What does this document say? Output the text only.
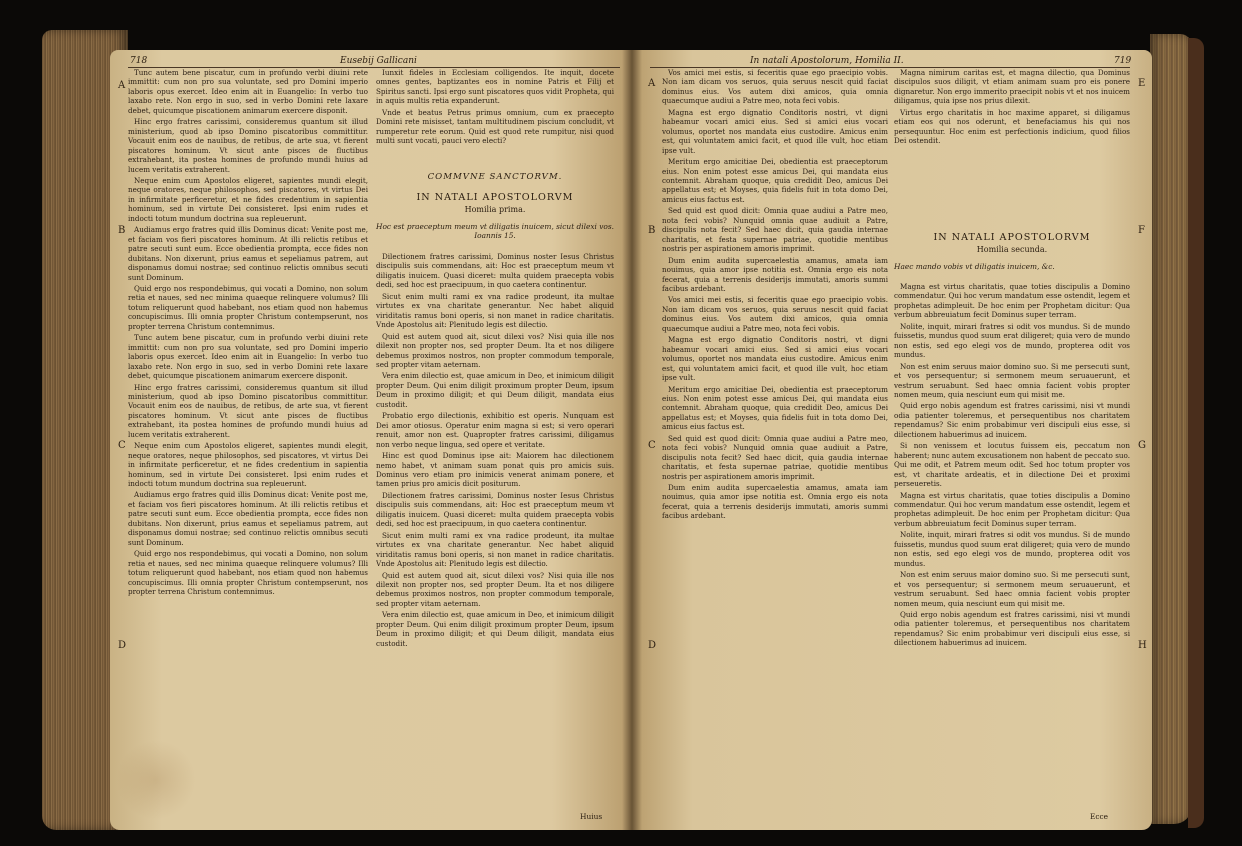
718	Eusebij Gallicani
A
B
C
D

Tunc autem bene piscatur, cum in profundo verbi diuini rete immittit: cum non pro sua voluntate, sed pro Domini imperio laboris opus exercet. Ideo enim ait in Euangelio: In verbo tuo laxabo rete. Non ergo in suo, sed in verbo Domini rete laxare debet, quicumque piscationem animarum exercere disponit.

Hinc ergo fratres carissimi, consideremus quantum sit illud ministerium, quod ab ipso Domino piscatoribus committitur. Vocauit enim eos de nauibus, de retibus, de arte sua, vt fierent piscatores hominum. Vt sicut ante pisces de fluctibus extrahebant, ita postea homines de profundo mundi huius ad lucem veritatis extraherent.

Neque enim cum Apostolos eligeret, sapientes mundi elegit, neque oratores, neque philosophos, sed piscatores, vt virtus Dei in infirmitate perficeretur, et ne fides credentium in sapientia hominum, sed in virtute Dei consisteret. Ipsi enim rudes et indocti totum mundum doctrina sua repleuerunt.

Audiamus ergo fratres quid illis Dominus dicat: Venite post me, et faciam vos fieri piscatores hominum. At illi relictis retibus et patre secuti sunt eum. Ecce obedientia prompta, ecce fides non dubitans. Non dixerunt, prius eamus et sepeliamus patrem, aut disponamus domui nostrae; sed continuo relictis omnibus secuti sunt Dominum.

Quid ergo nos respondebimus, qui vocati a Domino, non solum retia et naues, sed nec minima quaeque relinquere volumus? Illi totum reliquerunt quod habebant, nos etiam quod non habemus concupiscimus. Illi omnia propter Christum contempserunt, nos propter terrena Christum contemnimus.

Tunc autem bene piscatur, cum in profundo verbi diuini rete immittit: cum non pro sua voluntate, sed pro Domini imperio laboris opus exercet. Ideo enim ait in Euangelio: In verbo tuo laxabo rete. Non ergo in suo, sed in verbo Domini rete laxare debet, quicumque piscationem animarum exercere disponit.

Hinc ergo fratres carissimi, consideremus quantum sit illud ministerium, quod ab ipso Domino piscatoribus committitur. Vocauit enim eos de nauibus, de retibus, de arte sua, vt fierent piscatores hominum. Vt sicut ante pisces de fluctibus extrahebant, ita postea homines de profundo mundi huius ad lucem veritatis extraherent.

Neque enim cum Apostolos eligeret, sapientes mundi elegit, neque oratores, neque philosophos, sed piscatores, vt virtus Dei in infirmitate perficeretur, et ne fides credentium in sapientia hominum, sed in virtute Dei consisteret. Ipsi enim rudes et indocti totum mundum doctrina sua repleuerunt.

Audiamus ergo fratres quid illis Dominus dicat: Venite post me, et faciam vos fieri piscatores hominum. At illi relictis retibus et patre secuti sunt eum. Ecce obedientia prompta, ecce fides non dubitans. Non dixerunt, prius eamus et sepeliamus patrem, aut disponamus domui nostrae; sed continuo relictis omnibus secuti sunt Dominum.

Quid ergo nos respondebimus, qui vocati a Domino, non solum retia et naues, sed nec minima quaeque relinquere volumus? Illi totum reliquerunt quod habebant, nos etiam quod non habemus concupiscimus. Illi omnia propter Christum contempserunt, nos propter terrena Christum contemnimus.

Iunxit fideles in Ecclesiam colligendos. Ite inquit, docete omnes gentes, baptizantes eos in nomine Patris et Filij et Spiritus sancti. Ipsi ergo sunt piscatores quos vidit Propheta, qui in aquis multis retia expanderunt.

Vnde et beatus Petrus primus omnium, cum ex praecepto Domini rete misisset, tantam multitudinem piscium concludit, vt rumperetur rete eorum. Quid est quod rete rumpitur, nisi quod multi sunt vocati, pauci vero electi?

COMMVNE SANCTORVM.
IN NATALI APOSTOLORVM
Homilia prima.
Hoc est praeceptum meum vt diligatis inuicem, sicut dilexi vos. Ioannis 15.

Dilectionem fratres carissimi, Dominus noster Iesus Christus discipulis suis commendans, ait: Hoc est praeceptum meum vt diligatis inuicem. Quasi diceret: multa quidem praecepta vobis dedi, sed hoc est praecipuum, in quo caetera continentur.

Sicut enim multi rami ex vna radice prodeunt, ita multae virtutes ex vna charitate generantur. Nec habet aliquid viriditatis ramus boni operis, si non manet in radice charitatis. Vnde Apostolus ait: Plenitudo legis est dilectio.

Quid est autem quod ait, sicut dilexi vos? Nisi quia ille nos dilexit non propter nos, sed propter Deum. Ita et nos diligere debemus proximos nostros, non propter commodum temporale, sed propter vitam aeternam.

Vera enim dilectio est, quae amicum in Deo, et inimicum diligit propter Deum. Qui enim diligit proximum propter Deum, ipsum Deum in proximo diligit; et qui Deum diligit, mandata eius custodit.

Probatio ergo dilectionis, exhibitio est operis. Nunquam est Dei amor otiosus. Operatur enim magna si est; si vero operari renuit, amor non est. Quapropter fratres carissimi, diligamus non verbo neque lingua, sed opere et veritate.

Hinc est quod Dominus ipse ait: Maiorem hac dilectionem nemo habet, vt animam suam ponat quis pro amicis suis. Dominus vero etiam pro inimicis venerat animam ponere, et tamen prius pro amicis dicit positurum.

Dilectionem fratres carissimi, Dominus noster Iesus Christus discipulis suis commendans, ait: Hoc est praeceptum meum vt diligatis inuicem. Quasi diceret: multa quidem praecepta vobis dedi, sed hoc est praecipuum, in quo caetera continentur.

Sicut enim multi rami ex vna radice prodeunt, ita multae virtutes ex vna charitate generantur. Nec habet aliquid viriditatis ramus boni operis, si non manet in radice charitatis. Vnde Apostolus ait: Plenitudo legis est dilectio.

Quid est autem quod ait, sicut dilexi vos? Nisi quia ille nos dilexit non propter nos, sed propter Deum. Ita et nos diligere debemus proximos nostros, non propter commodum temporale, sed propter vitam aeternam.

Vera enim dilectio est, quae amicum in Deo, et inimicum diligit propter Deum. Qui enim diligit proximum propter Deum, ipsum Deum in proximo diligit; et qui Deum diligit, mandata eius custodit.

Huius
In natali Apostolorum, Homilia II.	719
A
B
C
D
E
F
G
H

Vos amici mei estis, si feceritis quae ego praecipio vobis. Non iam dicam vos seruos, quia seruus nescit quid faciat dominus eius. Vos autem dixi amicos, quia omnia quaecumque audiui a Patre meo, nota feci vobis.

Magna est ergo dignatio Conditoris nostri, vt digni habeamur vocari amici eius. Sed si amici eius vocari volumus, oportet nos mandata eius custodire. Amicus enim est, qui voluntatem amici facit, et quod ille vult, hoc etiam ipse vult.

Meritum ergo amicitiae Dei, obedientia est praeceptorum eius. Non enim potest esse amicus Dei, qui mandata eius contemnit. Abraham quoque, quia credidit Deo, amicus Dei appellatus est; et Moyses, quia fidelis fuit in tota domo Dei, amicus eius factus est.

Sed quid est quod dicit: Omnia quae audiui a Patre meo, nota feci vobis? Nunquid omnia quae audiuit a Patre, discipulis nota fecit? Sed haec dicit, quia gaudia internae charitatis, et festa supernae patriae, quotidie mentibus nostris per aspirationem amoris imprimit.

Dum enim audita supercaelestia amamus, amata iam nouimus, quia amor ipse notitia est. Omnia ergo eis nota fecerat, quia a terrenis desiderijs immutati, amoris summi facibus ardebant.

Vos amici mei estis, si feceritis quae ego praecipio vobis. Non iam dicam vos seruos, quia seruus nescit quid faciat dominus eius. Vos autem dixi amicos, quia omnia quaecumque audiui a Patre meo, nota feci vobis.

Magna est ergo dignatio Conditoris nostri, vt digni habeamur vocari amici eius. Sed si amici eius vocari volumus, oportet nos mandata eius custodire. Amicus enim est, qui voluntatem amici facit, et quod ille vult, hoc etiam ipse vult.

Meritum ergo amicitiae Dei, obedientia est praeceptorum eius. Non enim potest esse amicus Dei, qui mandata eius contemnit. Abraham quoque, quia credidit Deo, amicus Dei appellatus est; et Moyses, quia fidelis fuit in tota domo Dei, amicus eius factus est.

Sed quid est quod dicit: Omnia quae audiui a Patre meo, nota feci vobis? Nunquid omnia quae audiuit a Patre, discipulis nota fecit? Sed haec dicit, quia gaudia internae charitatis, et festa supernae patriae, quotidie mentibus nostris per aspirationem amoris imprimit.

Dum enim audita supercaelestia amamus, amata iam nouimus, quia amor ipse notitia est. Omnia ergo eis nota fecerat, quia a terrenis desiderijs immutati, amoris summi facibus ardebant.

Magna nimirum caritas est, et magna dilectio, qua Dominus discipulos suos diligit, vt etiam animam suam pro eis ponere dignaretur. Non ergo immerito praecipit nobis vt et nos inuicem diligamus, quia ipse nos prius dilexit.

Virtus ergo charitatis in hoc maxime apparet, si diligamus etiam eos qui nos oderunt, et benefaciamus his qui nos persequuntur. Hoc enim est perfectionis indicium, quod filios Dei ostendit.

IN NATALI APOSTOLORVM
Homilia secunda.
Haec mando vobis vt diligatis inuicem, &c.

Magna est virtus charitatis, quae toties discipulis a Domino commendatur. Qui hoc verum mandatum esse ostendit, legem et prophetas adimpleuit. De hoc enim per Prophetam dicitur: Qua verbum abbreuiatum fecit Dominus super terram.

Nolite, inquit, mirari fratres si odit vos mundus. Si de mundo fuissetis, mundus quod suum erat diligeret; quia vero de mundo non estis, sed ego elegi vos de mundo, propterea odit vos mundus.

Non est enim seruus maior domino suo. Si me persecuti sunt, et vos persequentur; si sermonem meum seruauerunt, et vestrum seruabunt. Sed haec omnia facient vobis propter nomen meum, quia nesciunt eum qui misit me.

Quid ergo nobis agendum est fratres carissimi, nisi vt mundi odia patienter toleremus, et persequentibus nos charitatem rependamus? Sic enim probabimur veri discipuli eius esse, si dilectionem habuerimus ad inuicem.

Si non venissem et locutus fuissem eis, peccatum non haberent; nunc autem excusationem non habent de peccato suo. Qui me odit, et Patrem meum odit. Sed hoc totum propter vos est, vt charitate ardeatis, et in dilectione Dei et proximi perseueretis.

Magna est virtus charitatis, quae toties discipulis a Domino commendatur. Qui hoc verum mandatum esse ostendit, legem et prophetas adimpleuit. De hoc enim per Prophetam dicitur: Qua verbum abbreuiatum fecit Dominus super terram.

Nolite, inquit, mirari fratres si odit vos mundus. Si de mundo fuissetis, mundus quod suum erat diligeret; quia vero de mundo non estis, sed ego elegi vos de mundo, propterea odit vos mundus.

Non est enim seruus maior domino suo. Si me persecuti sunt, et vos persequentur; si sermonem meum seruauerunt, et vestrum seruabunt. Sed haec omnia facient vobis propter nomen meum, quia nesciunt eum qui misit me.

Quid ergo nobis agendum est fratres carissimi, nisi vt mundi odia patienter toleremus, et persequentibus nos charitatem rependamus? Sic enim probabimur veri discipuli eius esse, si dilectionem habuerimus ad inuicem.

Ecce
